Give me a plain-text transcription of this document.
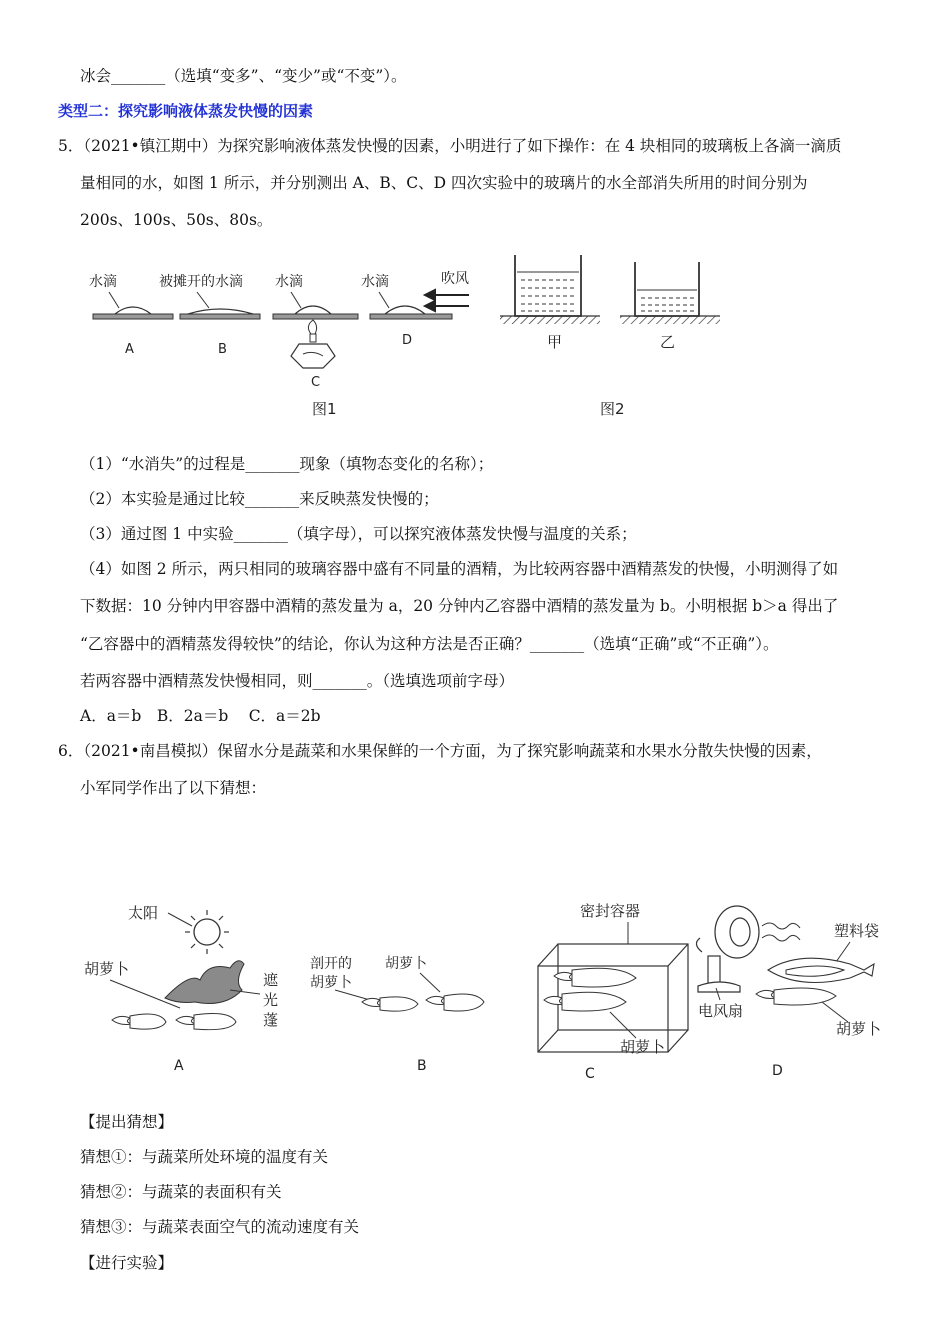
冰会_______（选填“变多”、“变少”或“不变”）。
类型二：探究影响液体蒸发快慢的因素
5．（2021•镇江期中）为探究影响液体蒸发快慢的因素，小明进行了如下操作：在 4 块相同的玻璃板上各滴一滴质
量相同的水，如图 1 所示，并分别测出 A、B、C、D 四次实验中的玻璃片的水全部消失所用的时间分别为
200s、100s、50s、80s。
水滴
A
被摊开的水滴
B
水滴
C
水滴	吹风
D	甲	乙
图1	图2
（1）“水消失”的过程是_______现象（填物态变化的名称）；
（2）本实验是通过比较_______来反映蒸发快慢的；
（3）通过图 1 中实验_______（填字母），可以探究液体蒸发快慢与温度的关系；
（4）如图 2 所示，两只相同的玻璃容器中盛有不同量的酒精，为比较两容器中酒精蒸发的快慢，小明测得了如
下数据：10 分钟内甲容器中酒精的蒸发量为 a，20 分钟内乙容器中酒精的蒸发量为 b。小明根据 b＞a 得出了
“乙容器中的酒精蒸发得较快”的结论，你认为这种方法是否正确？_______（选填“正确”或“不正确”）。
若两容器中酒精蒸发快慢相同，则_______。（选填选项前字母）
A．a＝b　B．2a＝b　 C．a＝2b
6．（2021•南昌模拟）保留水分是蔬菜和水果保鲜的一个方面，为了探究影响蔬菜和水果水分散失快慢的因素，
小军同学作出了以下猜想：
太阳
胡萝卜
遮
光
蓬
A
剖开的
胡萝卜
胡萝卜
B
密封容器
胡萝卜
C
电风扇
塑料袋
胡萝卜
D
【提出猜想】
猜想①：与蔬菜所处环境的温度有关
猜想②：与蔬菜的表面积有关
猜想③：与蔬菜表面空气的流动速度有关
【进行实验】
